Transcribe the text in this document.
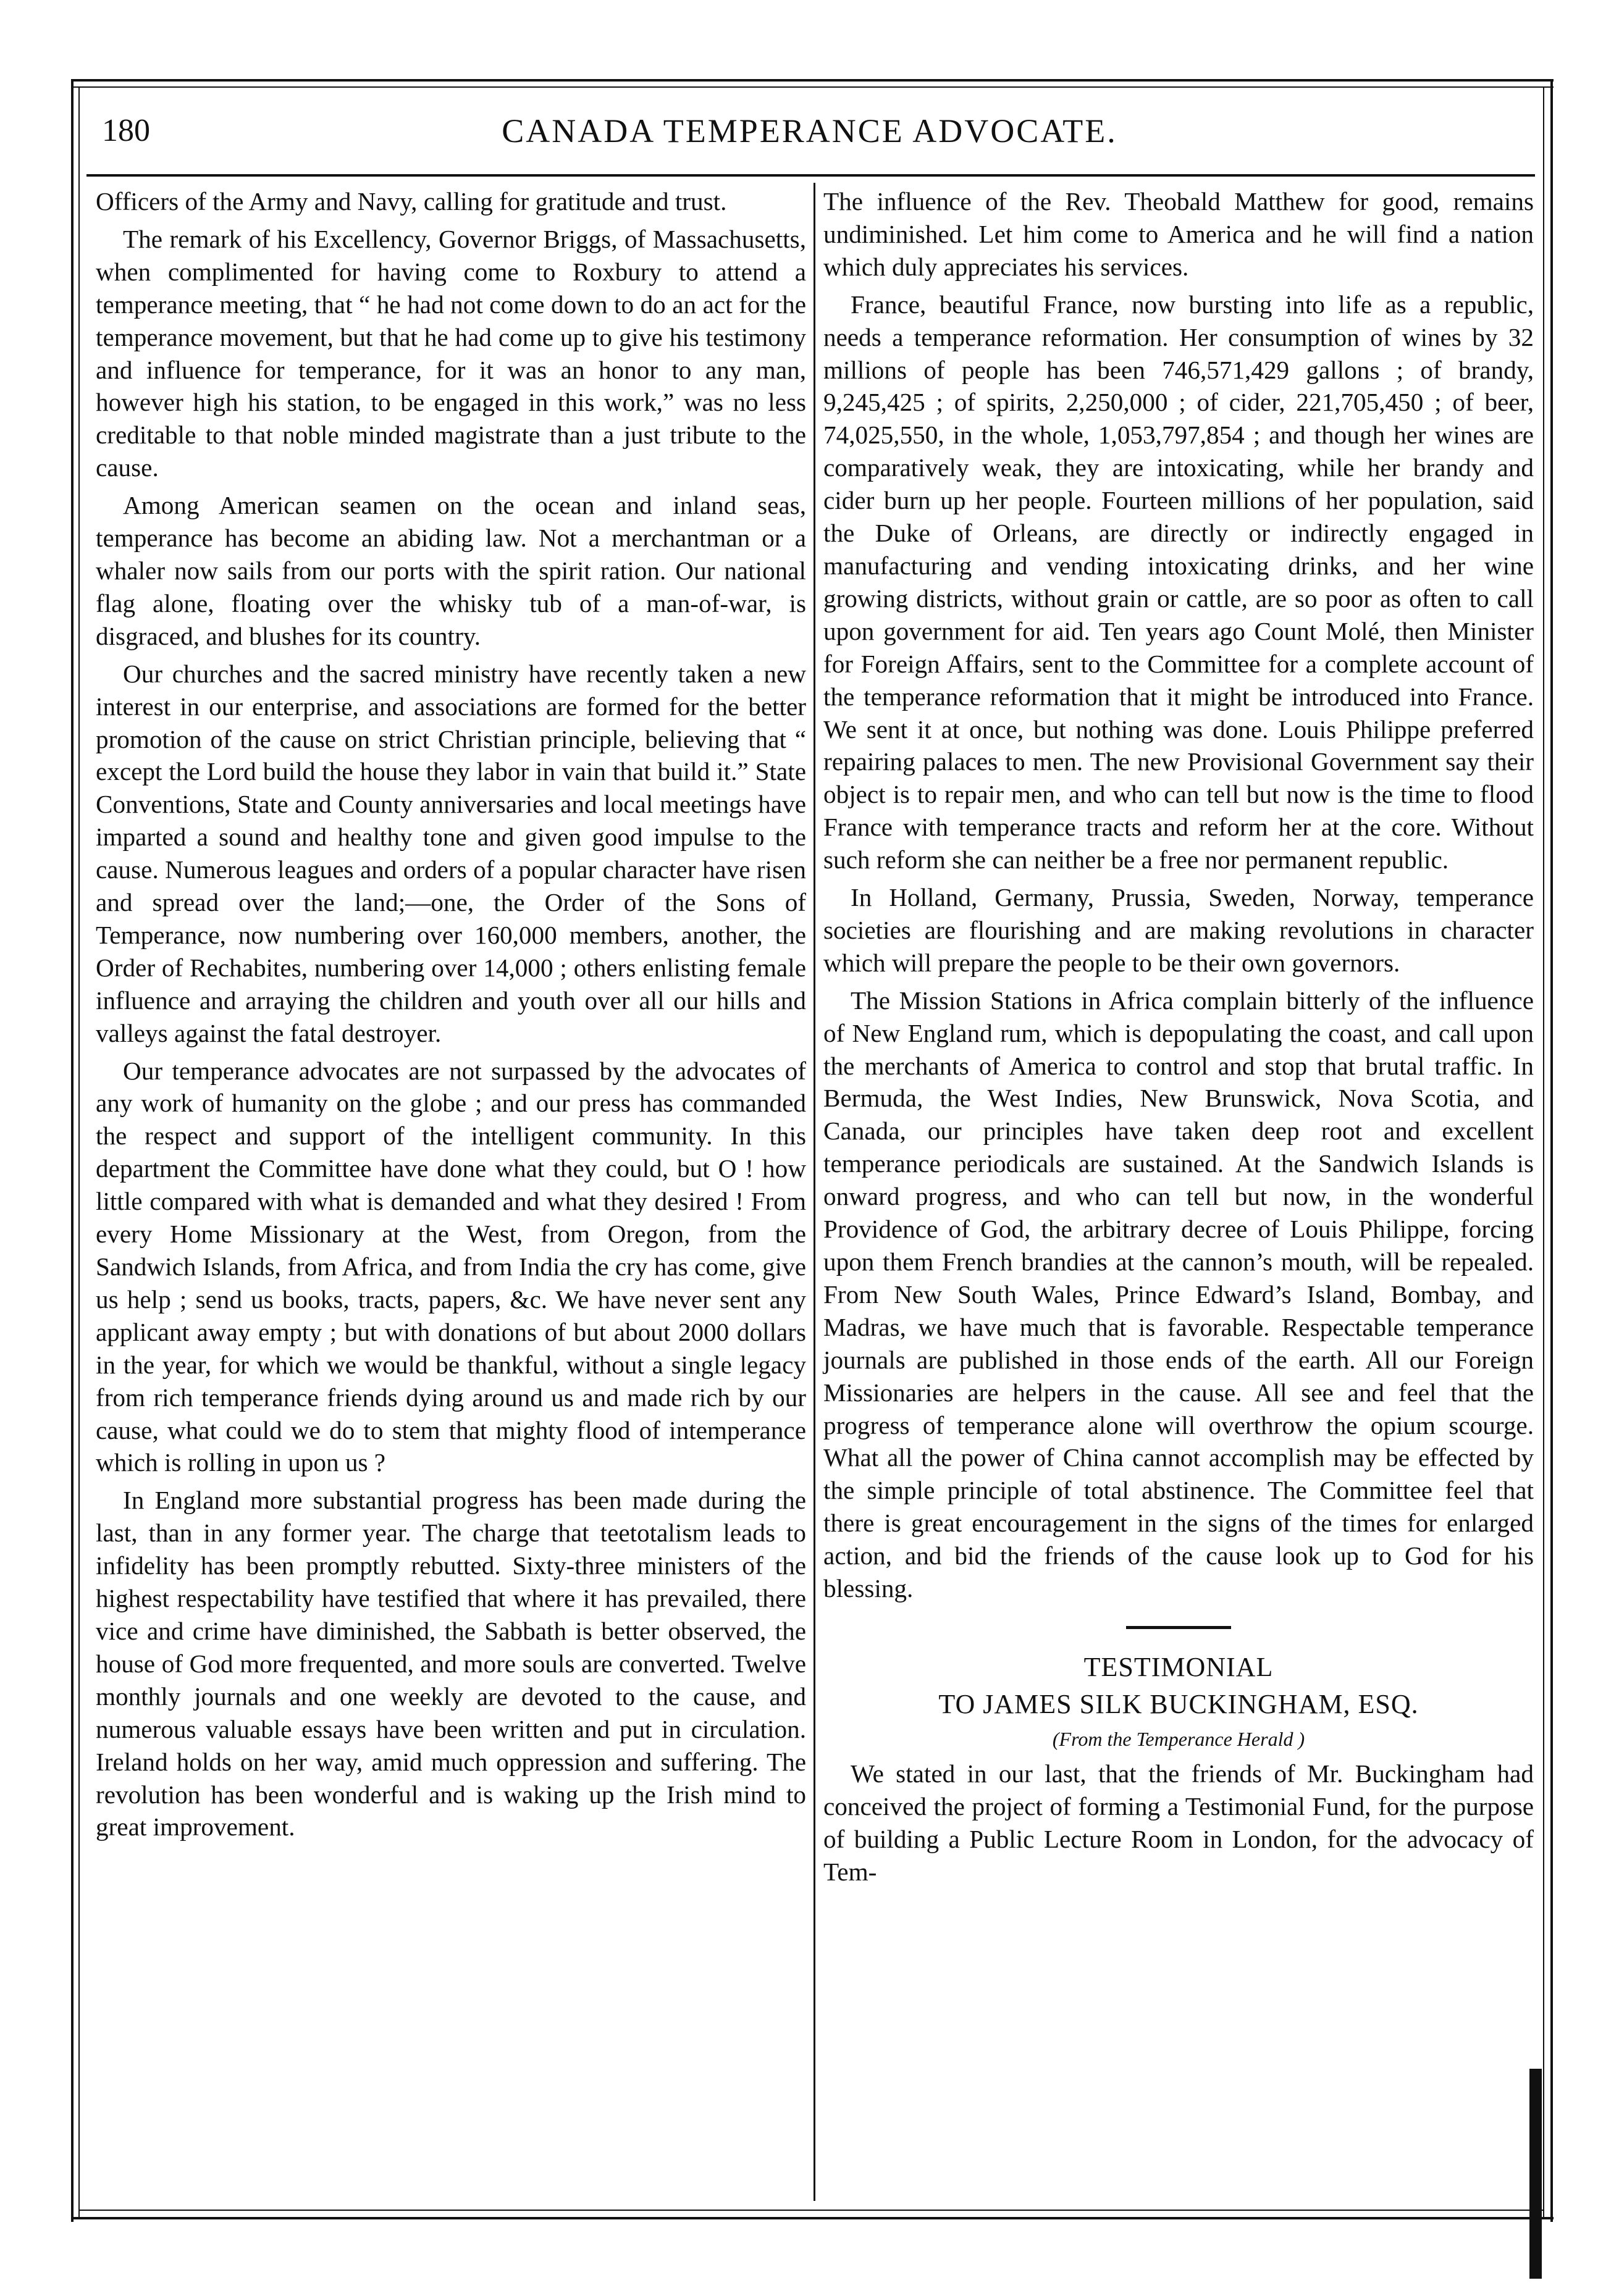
180	CANADA TEMPERANCE ADVOCATE.

Officers of the Army and Navy, calling for gratitude and trust.

The remark of his Excellency, Governor Briggs, of Massachusetts, when complimented for having come to Roxbury to attend a temperance meeting, that “ he had not come down to do an act for the temperance movement, but that he had come up to give his testimony and influence for temperance, for it was an honor to any man, however high his station, to be engaged in this work,” was no less creditable to that noble minded magistrate than a just tribute to the cause.

Among American seamen on the ocean and inland seas, temperance has become an abiding law. Not a merchantman or a whaler now sails from our ports with the spirit ration. Our national flag alone, floating over the whisky tub of a man-of-war, is disgraced, and blushes for its country.

Our churches and the sacred ministry have recently taken a new interest in our enterprise, and associations are formed for the better promotion of the cause on strict Christian principle, believing that “ except the Lord build the house they labor in vain that build it.” State Conventions, State and County anniversaries and local meetings have imparted a sound and healthy tone and given good impulse to the cause. Numerous leagues and orders of a popular character have risen and spread over the land;—one, the Order of the Sons of Temperance, now numbering over 160,000 members, another, the Order of Rechabites, numbering over 14,000 ; others enlisting female influence and arraying the children and youth over all our hills and valleys against the fatal destroyer.

Our temperance advocates are not surpassed by the advocates of any work of humanity on the globe ; and our press has commanded the respect and support of the intelligent community. In this department the Committee have done what they could, but O ! how little compared with what is demanded and what they desired ! From every Home Missionary at the West, from Oregon, from the Sandwich Islands, from Africa, and from India the cry has come, give us help ; send us books, tracts, papers, &c. We have never sent any applicant away empty ; but with donations of but about 2000 dollars in the year, for which we would be thankful, without a single legacy from rich temperance friends dying around us and made rich by our cause, what could we do to stem that mighty flood of intemperance which is rolling in upon us ?

In England more substantial progress has been made during the last, than in any former year. The charge that teetotalism leads to infidelity has been promptly rebutted. Sixty-three ministers of the highest respectability have testified that where it has prevailed, there vice and crime have diminished, the Sabbath is better observed, the house of God more frequented, and more souls are converted. Twelve monthly journals and one weekly are devoted to the cause, and numerous valuable essays have been written and put in circulation. Ireland holds on her way, amid much oppression and suffering. The revolution has been wonderful and is waking up the Irish mind to great improvement.

The influence of the Rev. Theobald Matthew for good, remains undiminished. Let him come to America and he will find a nation which duly appreciates his services.

France, beautiful France, now bursting into life as a republic, needs a temperance reformation. Her consumption of wines by 32 millions of people has been 746,571,429 gallons ; of brandy, 9,245,425 ; of spirits, 2,250,000 ; of cider, 221,705,450 ; of beer, 74,025,550, in the whole, 1,053,797,854 ; and though her wines are comparatively weak, they are intoxicating, while her brandy and cider burn up her people. Fourteen millions of her population, said the Duke of Orleans, are directly or indirectly engaged in manufacturing and vending intoxicating drinks, and her wine growing districts, without grain or cattle, are so poor as often to call upon government for aid. Ten years ago Count Molé, then Minister for Foreign Affairs, sent to the Committee for a complete account of the temperance reformation that it might be introduced into France. We sent it at once, but nothing was done. Louis Philippe preferred repairing palaces to men. The new Provisional Government say their object is to repair men, and who can tell but now is the time to flood France with temperance tracts and reform her at the core. Without such reform she can neither be a free nor permanent republic.

In Holland, Germany, Prussia, Sweden, Norway, temperance societies are flourishing and are making revolutions in character which will prepare the people to be their own governors.

The Mission Stations in Africa complain bitterly of the influence of New England rum, which is depopulating the coast, and call upon the merchants of America to control and stop that brutal traffic. In Bermuda, the West Indies, New Brunswick, Nova Scotia, and Canada, our principles have taken deep root and excellent temperance periodicals are sustained. At the Sandwich Islands is onward progress, and who can tell but now, in the wonderful Providence of God, the arbitrary decree of Louis Philippe, forcing upon them French brandies at the cannon’s mouth, will be repealed. From New South Wales, Prince Edward’s Island, Bombay, and Madras, we have much that is favorable. Respectable temperance journals are published in those ends of the earth. All our Foreign Missionaries are helpers in the cause. All see and feel that the progress of temperance alone will overthrow the opium scourge. What all the power of China cannot accomplish may be effected by the simple principle of total abstinence. The Committee feel that there is great encouragement in the signs of the times for enlarged action, and bid the friends of the cause look up to God for his blessing.

TESTIMONIAL

TO JAMES SILK BUCKINGHAM, ESQ.

(From the Temperance Herald )

We stated in our last, that the friends of Mr. Buckingham had conceived the project of forming a Testimonial Fund, for the purpose of building a Public Lecture Room in London, for the advocacy of Tem-
